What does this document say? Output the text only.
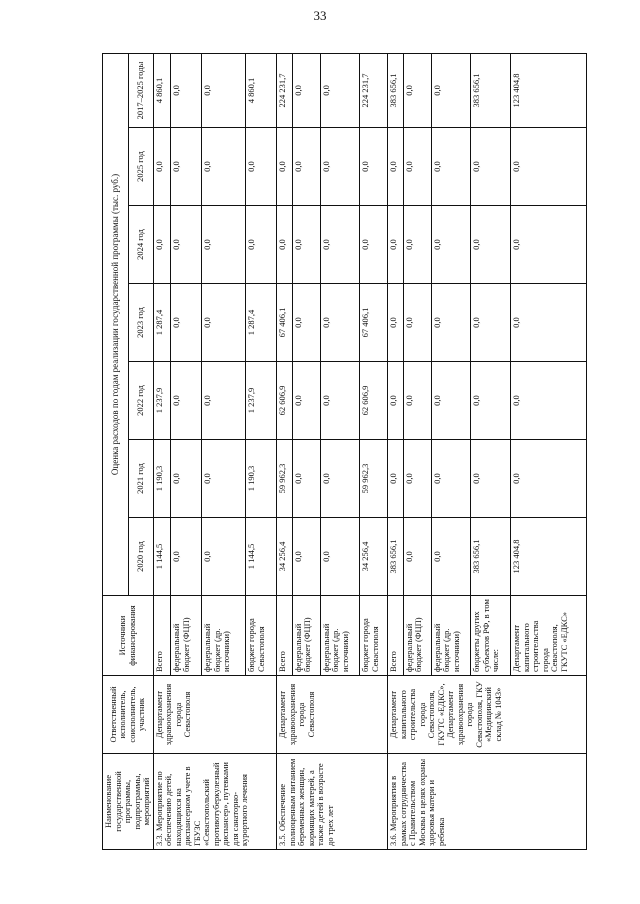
33
Наименование государственной программы, подпрограммы, мероприятий	Ответственный исполнитель, соисполнитель, участник	Источники финансирования	Оценка расходов по годам реализации государственной программы (тыс. руб.)						
			2020 год	2021 год	2022 год	2023 год	2024 год	2025 год	2017–2025 годы
3.3. Мероприятие по обеспечению детей, находящихся на диспансерном учете в ГБУЗС «Севастопольский противотуберкулезный диспансер», путевками для санаторно-курортного лечения	Департамент здравоохранения города Севастополя	Всего	1 144,5	1 190,3	1 237,9	1 287,4	0,0	0,0	4 860,1
		федеральный бюджет (ФЦП)	0,0	0,0	0,0	0,0	0,0	0,0	0,0
		федеральный бюджет (др. источники)	0,0	0,0	0,0	0,0	0,0	0,0	0,0
		бюджет города Севастополя	1 144,5	1 190,3	1 237,9	1 287,4	0,0	0,0	4 860,1
3.5. Обеспечение полноценным питанием беременных женщин, кормящих матерей, а также детей в возрасте до трех лет	Департамент здравоохранения города Севастополя	Всего	34 256,4	59 962,3	62 606,9	67 406,1	0,0	0,0	224 231,7
		федеральный бюджет (ФЦП)	0,0	0,0	0,0	0,0	0,0	0,0	0,0
		федеральный бюджет (др. источники)	0,0	0,0	0,0	0,0	0,0	0,0	0,0
		бюджет города Севастополя	34 256,4	59 962,3	62 606,9	67 406,1	0,0	0,0	224 231,7
3.6. Мероприятия в рамках сотрудничества с Правительством Москвы в целях охраны здоровья матери и ребенка	Департамент капитального строительства города Севастополя, ГКУТС «ЕДКС», Департамент здравоохранения города Севастополя, ГКУ «Медицинский склад № 1043»	Всего	383 656,1	0,0	0,0	0,0	0,0	0,0	383 656,1
		федеральный бюджет (ФЦП)	0,0	0,0	0,0	0,0	0,0	0,0	0,0
		федеральный бюджет (др. источники)	0,0	0,0	0,0	0,0	0,0	0,0	0,0
		бюджеты других субъектов РФ, в том числе:	383 656,1	0,0	0,0	0,0	0,0	0,0	383 656,1
		Департамент капитального строительства города Севастополя, ГКУТС «ЕДКС»	123 404,8	0,0	0,0	0,0	0,0	0,0	123 404,8
